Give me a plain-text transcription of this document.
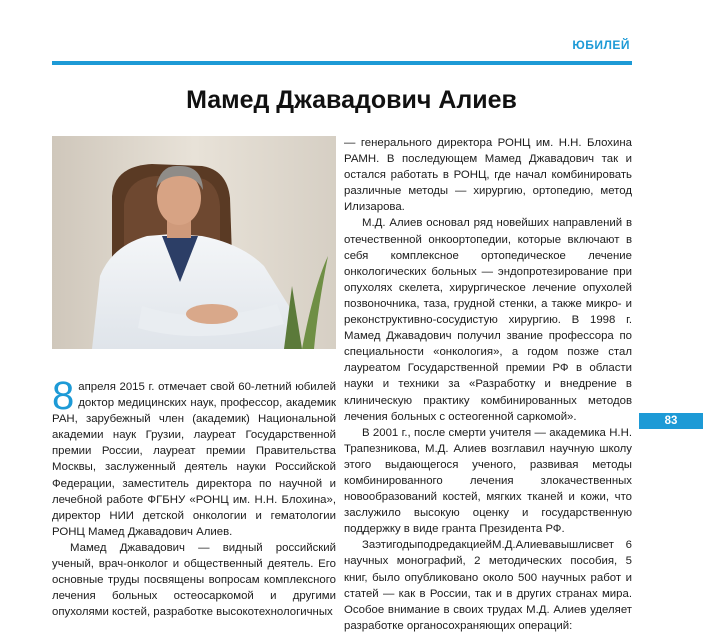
ЮБИЛЕЙ
Мамед Джавадович Алиев

8 апреля 2015 г. отмечает свой 60-летний юбилей доктор медицинских наук, профессор, академик РАН, зарубежный член (академик) Национальной академии наук Грузии, лауреат Государственной премии России, лауреат премии Правительства Москвы, заслуженный деятель науки Российской Федерации, заместитель директора по научной и лечебной работе ФГБНУ «РОНЦ им. Н.Н. Блохина», директор НИИ детской онкологии и гематологии РОНЦ Мамед Джавадович Алиев.

Мамед Джавадович — видный российский ученый, врач-онколог и общественный деятель. Его основные труды посвящены вопросам комплексного лечения больных остеосаркомой и другими опухолями костей, разработке высокотехнологичных

— генерального директора РОНЦ им. Н.Н. Блохина РАМН. В последующем Мамед Джавадович так и остался работать в РОНЦ, где начал комбинировать различные методы — хирургию, ортопедию, метод Илизарова.

М.Д. Алиев основал ряд новейших направлений в отечественной онкоортопедии, которые включают в себя комплексное ортопедическое лечение онкологических больных — эндопротезирование при опухолях скелета, хирургическое лечение опухолей позвоночника, таза, грудной стенки, а также микро- и реконструктивно-сосудистую хирургию. В 1998 г. Мамед Джавадович получил звание профессора по специальности «онкология», а годом позже стал лауреатом Государственной премии РФ в области науки и техники за «Разработку и внедрение в клиническую практику комбинированных методов лечения больных с остеогенной саркомой».

В 2001 г., после смерти учителя — академика Н.Н. Трапезникова, М.Д. Алиев возглавил научную школу этого выдающегося ученого, развивая методы комбинированного лечения злокачественных новообразований костей, мягких тканей и кожи, что заслужило высокую оценку и государственную поддержку в виде гранта Президента РФ.

ЗаэтигодыподредакциейМ.Д.Алиевавышлисвет 6 научных монографий, 2 методических пособия, 5 книг, было опубликовано около 500 научных работ и статей — как в России, так и в других странах мира. Особое внимание в своих трудах М.Д. Алиев уделяет разработке органосохраняющих операций:

83
